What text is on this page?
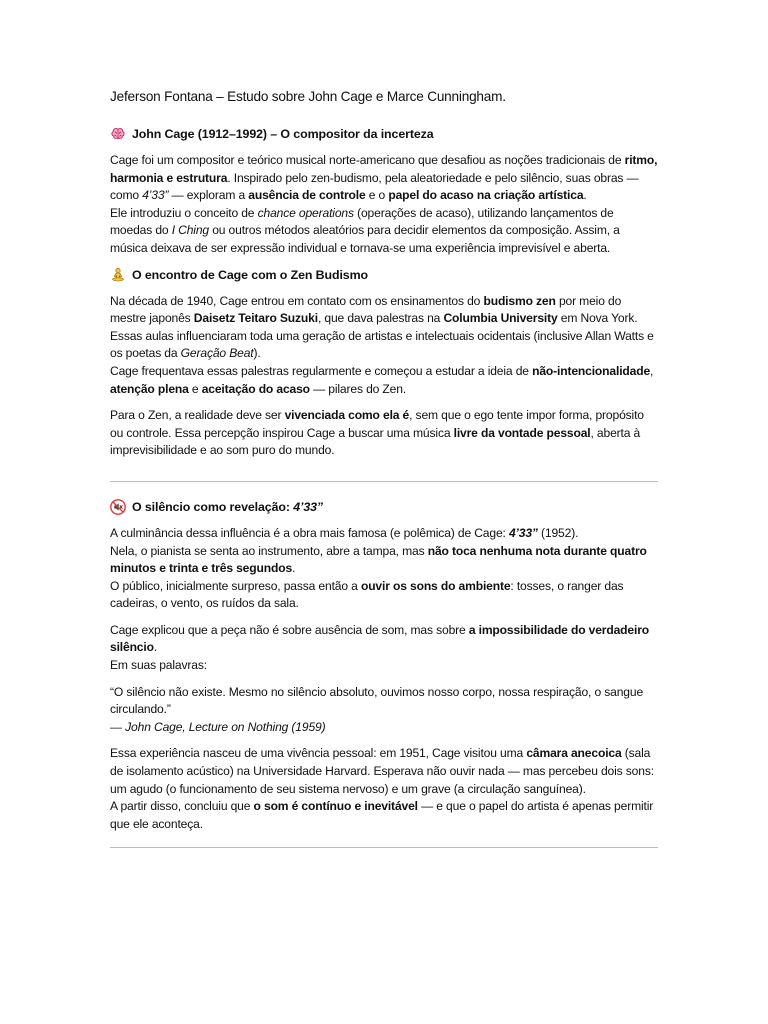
Jeferson Fontana – Estudo sobre John Cage e Marce Cunningham.
John Cage (1912–1992) – O compositor da incerteza

Cage foi um compositor e teórico musical norte-americano que desafiou as noções tradicionais de ritmo, harmonia e estrutura. Inspirado pelo zen-budismo, pela aleatoriedade e pelo silêncio, suas obras — como 4’33” — exploram a ausência de controle e o papel do acaso na criação artística.

Ele introduziu o conceito de chance operations (operações de acaso), utilizando lançamentos de moedas do I Ching ou outros métodos aleatórios para decidir elementos da composição. Assim, a música deixava de ser expressão individual e tornava-se uma experiência imprevisível e aberta.

O encontro de Cage com o Zen Budismo

Na década de 1940, Cage entrou em contato com os ensinamentos do budismo zen por meio do mestre japonês Daisetz Teitaro Suzuki, que dava palestras na Columbia University em Nova York. Essas aulas influenciaram toda uma geração de artistas e intelectuais ocidentais (inclusive Allan Watts e os poetas da Geração Beat).

Cage frequentava essas palestras regularmente e começou a estudar a ideia de não-intencionalidade, atenção plena e aceitação do acaso — pilares do Zen.

Para o Zen, a realidade deve ser vivenciada como ela é, sem que o ego tente impor forma, propósito ou controle. Essa percepção inspirou Cage a buscar uma música livre da vontade pessoal, aberta à imprevisibilidade e ao som puro do mundo.

O silêncio como revelação: 4’33”

A culminância dessa influência é a obra mais famosa (e polêmica) de Cage: 4’33” (1952).

Nela, o pianista se senta ao instrumento, abre a tampa, mas não toca nenhuma nota durante quatro minutos e trinta e três segundos.

O público, inicialmente surpreso, passa então a ouvir os sons do ambiente: tosses, o ranger das cadeiras, o vento, os ruídos da sala.

Cage explicou que a peça não é sobre ausência de som, mas sobre a impossibilidade do verdadeiro silêncio.

Em suas palavras:

“O silêncio não existe. Mesmo no silêncio absoluto, ouvimos nosso corpo, nossa respiração, o sangue circulando.”

— John Cage, Lecture on Nothing (1959)

Essa experiência nasceu de uma vivência pessoal: em 1951, Cage visitou uma câmara anecoica (sala de isolamento acústico) na Universidade Harvard. Esperava não ouvir nada — mas percebeu dois sons: um agudo (o funcionamento de seu sistema nervoso) e um grave (a circulação sanguínea).

A partir disso, concluiu que o som é contínuo e inevitável — e que o papel do artista é apenas permitir que ele aconteça.
